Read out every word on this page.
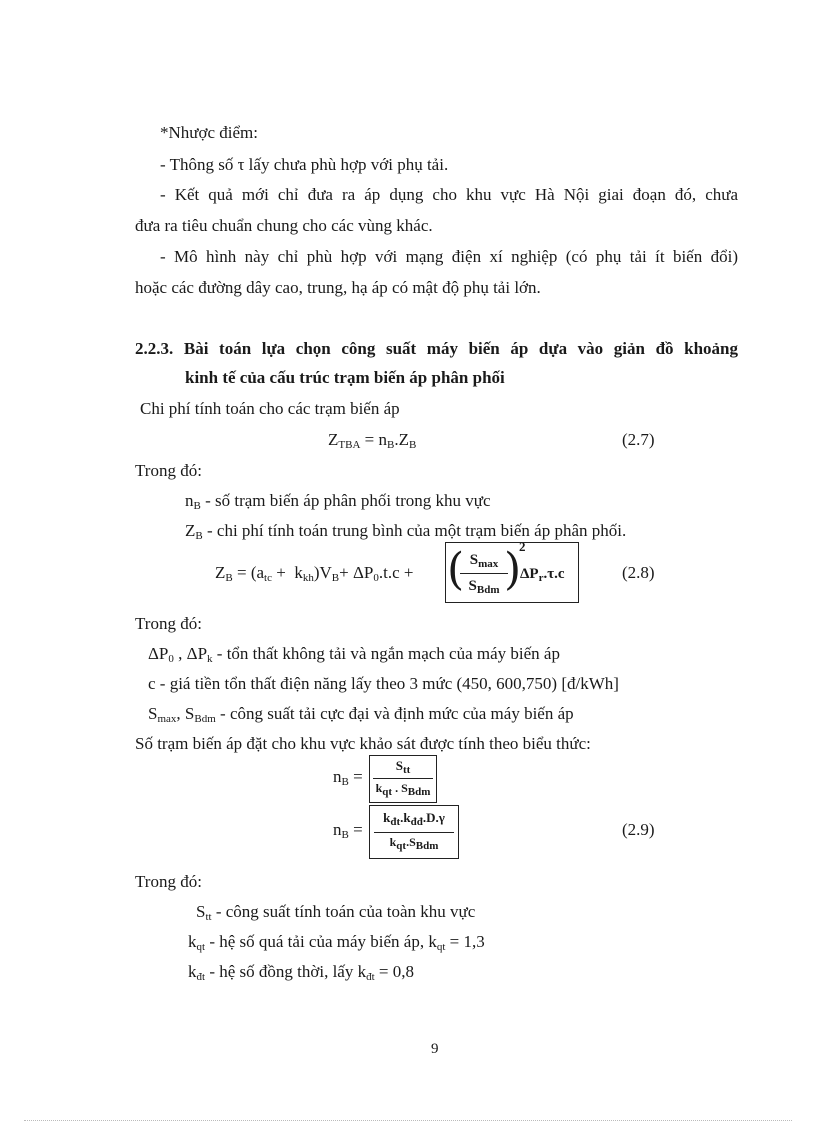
*Nhược điểm:
- Thông số τ lấy chưa phù hợp với phụ tải.
- Kết quả mới chỉ đưa ra áp dụng cho khu vực Hà Nội giai đoạn đó, chưa
đưa ra tiêu chuẩn chung cho các vùng khác.
- Mô hình này chỉ phù hợp với mạng điện xí nghiệp (có phụ tải ít biến đổi)
hoặc các đường dây cao, trung, hạ áp có mật độ phụ tải lớn.
2.2.3. Bài toán lựa chọn công suất máy biến áp dựa vào giản đồ khoảng
kinh tế của cấu trúc trạm biến áp phân phối
Chi phí tính toán cho các trạm biến áp
$Z_{TBA} = n_B.Z_B$	(2.7)
Trong đó:
$n_B$ - số trạm biến áp phân phối trong khu vực
$Z_B$ - chi phí tính toán trung bình của một trạm biến áp phân phối.
$Z_B = (a_{tc} + k_{kh})V_B+ \Delta P_0.t.c$ + ( $S_{max}$
$S_{Bdm}$ )
2
$\Delta P_r.\tau.c$	(2.8)
Trong đó:
$\Delta P_0$ , $\Delta P_k$ - tổn thất không tải và ngắn mạch của máy biến áp
c - giá tiền tổn thất điện năng lấy theo 3 mức (450, 600,750) [đ/kWh]
$S_{max}$, $S_{Bdm}$ - công suất tải cực đại và định mức của máy biến áp
Số trạm biến áp đặt cho khu vực khảo sát được tính theo biểu thức:
$n_B$ =
$S_{tt}$
$k_{qt}$ . $S_{Bdm}$
$n_B$ =
$k_{đt}.k_{đđ}.D.\gamma$
$k_{qt}.S_{Bdm}$
(2.9)
Trong đó:
$S_{tt}$ - công suất tính toán của toàn khu vực
$k_{qt}$ - hệ số quá tải của máy biến áp, $k_{qt} = 1,3$
$k_{đt}$ - hệ số đồng thời, lấy $k_{đt} = 0,8$
9
